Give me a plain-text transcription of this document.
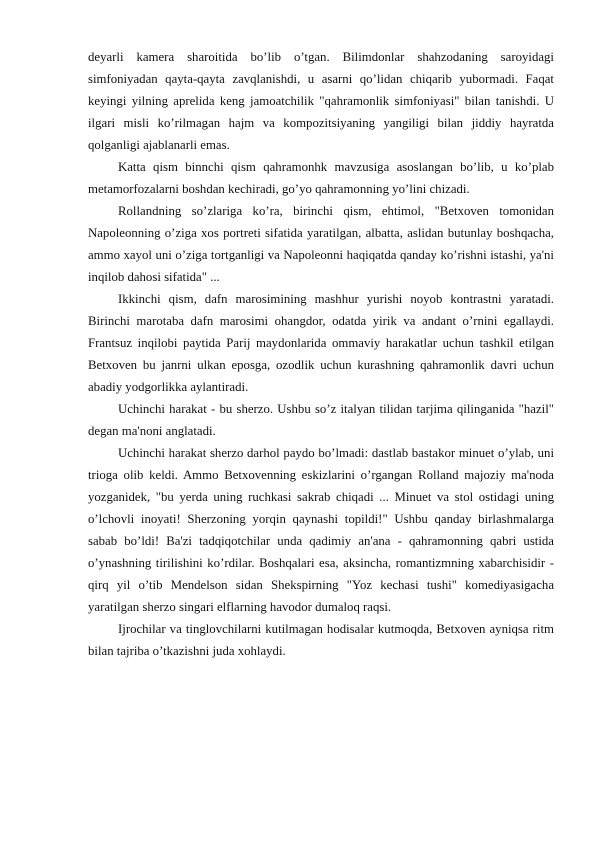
deyarli kamera sharoitida bo’lib o’tgan. Bilimdonlar shahzodaning saroyidagi simfoniyadan qayta-qayta zavqlanishdi, u asarni qo’lidan chiqarib yubormadi. Faqat keyingi yilning aprelida keng jamoatchilik "qahramonlik simfoniyasi" bilan tanishdi. U ilgari misli ko’rilmagan hajm va kompozitsiyaning yangiligi bilan jiddiy hayratda qolganligi ajablanarli emas.

Katta qism binnchi qism qahramonhk mavzusiga asoslangan bo’lib, u ko’plab metamorfozalarni boshdan kechiradi, go’yo qahramonning yo’lini chizadi.

Rollandning so’zlariga ko’ra, birinchi qism, ehtimol, "Betxoven tomonidan Napoleonning o’ziga xos portreti sifatida yaratilgan, albatta, aslidan butunlay boshqacha, ammo xayol uni o’ziga tortganligi va Napoleonni haqiqatda qanday ko’rishni istashi, ya'ni inqilob dahosi sifatida" ...

Ikkinchi qism, dafn marosimining mashhur yurishi noyob kontrastni yaratadi. Birinchi marotaba dafn marosimi ohangdor, odatda yirik va andant o’rnini egallaydi. Frantsuz inqilobi paytida Parij maydonlarida ommaviy harakatlar uchun tashkil etilgan Betxoven bu janrni ulkan eposga, ozodlik uchun kurashning qahramonlik davri uchun abadiy yodgorlikka aylantiradi.

Uchinchi harakat - bu sherzo. Ushbu so’z italyan tilidan tarjima qilinganida "hazil" degan ma'noni anglatadi.

Uchinchi harakat sherzo darhol paydo bo’lmadi: dastlab bastakor minuet o’ylab, uni trioga olib keldi. Ammo Betxovenning eskizlarini o’rgangan Rolland majoziy ma'noda yozganidek, "bu yerda uning ruchkasi sakrab chiqadi ... Minuet va stol ostidagi uning o’lchovli inoyati! Sherzoning yorqin qaynashi topildi!" Ushbu qanday birlashmalarga sabab bo’ldi! Ba'zi tadqiqotchilar unda qadimiy an'ana - qahramonning qabri ustida o’ynashning tirilishini ko’rdilar. Boshqalari esa, aksincha, romantizmning xabarchisidir - qirq yil o’tib Mendelson sidan Shekspirning "Yoz kechasi tushi" komediyasigacha yaratilgan sherzo singari elflarning havodor dumaloq raqsi.

Ijrochilar va tinglovchilarni kutilmagan hodisalar kutmoqda, Betxoven ayniqsa ritm bilan tajriba o’tkazishni juda xohlaydi.
